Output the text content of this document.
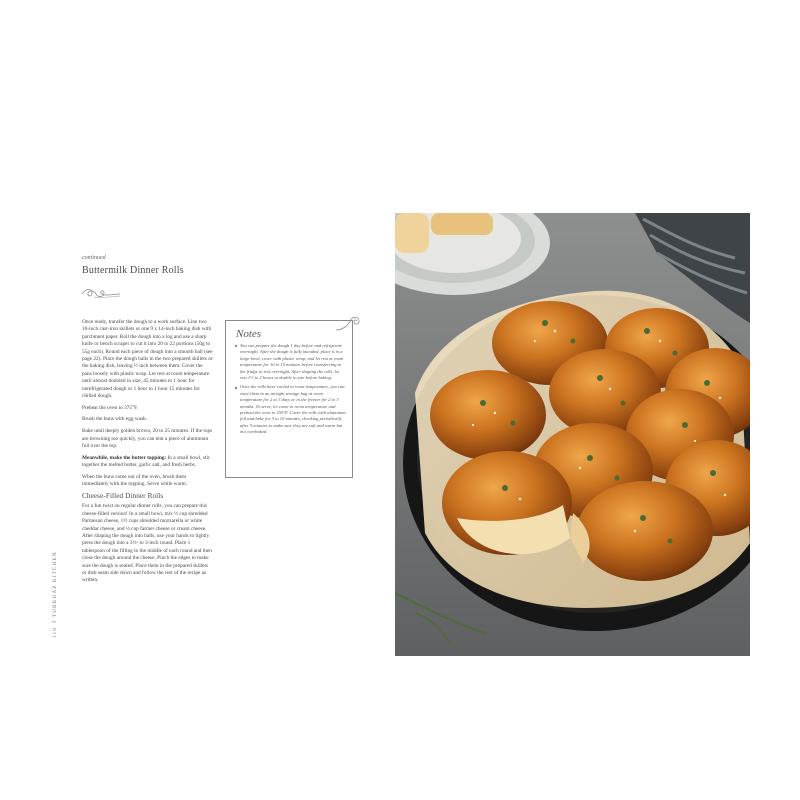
continued
Buttermilk Dinner Rolls

Once ready, transfer the dough to a work surface. Line two 10-inch cast-iron skillets or one 9 x 14-inch baking dish with parchment paper. Roll the dough into a log and use a sharp knife or bench scraper to cut it into 20 to 22 portions (50g to 55g each). Round each piece of dough into a smooth ball (see page 22). Place the dough balls in the two prepared skillets or the baking dish, leaving ½ inch between them. Cover the pans loosely with plastic wrap. Let rest at room temperature until almost doubled in size, 45 minutes to 1 hour for unrefrigerated dough or 1 hour to 1 hour 15 minutes for chilled dough.

Preheat the oven to 375°F.

Brush the buns with egg wash.

Bake until deeply golden brown, 20 to 25 minutes. If the tops are browning too quickly, you can tent a piece of aluminum foil over the top.

Meanwhile, make the butter topping: In a small bowl, stir together the melted butter, garlic salt, and fresh herbs.

When the buns come out of the oven, brush them immediately with the topping. Serve while warm.

Cheese-Filled Dinner Rolls

For a fun twist on regular dinner rolls, you can prepare this cheese-filled version! In a small bowl, mix ½ cup shredded Parmesan cheese, 1½ cups shredded mozzarella or white cheddar cheese, and ⅓ cup farmer cheese or cream cheese. After shaping the dough into balls, use your hands to lightly press the dough into a 3½- to 3-inch round. Place 1 tablespoon of the filling in the middle of each round and then close the dough around the cheese. Pinch the edges to make sure the dough is sealed. Place them in the prepared skillets or dish seam side down and follow the rest of the recipe as written.

Notes
You can prepare the dough 1 day before and refrigerate overnight. After the dough is fully kneaded, place it in a large bowl, cover with plastic wrap, and let rest at room temperature for 10 to 15 minutes before transferring to the fridge to rest overnight. After shaping the rolls, let rest 1½ to 2 hours to double in size before baking.
Once the rolls have cooled to room temperature, you can store them in an airtight storage bag at room temperature for 2 to 3 days or in the freezer for 2 to 3 months. To serve, let come to room temperature and preheat the oven to 350°F. Cover the rolls with aluminum foil and bake for 5 to 10 minutes, checking periodically after 5 minutes to make sure they are soft and warm but not overbaked.
110◊ TURKUAZ KITCHEN
